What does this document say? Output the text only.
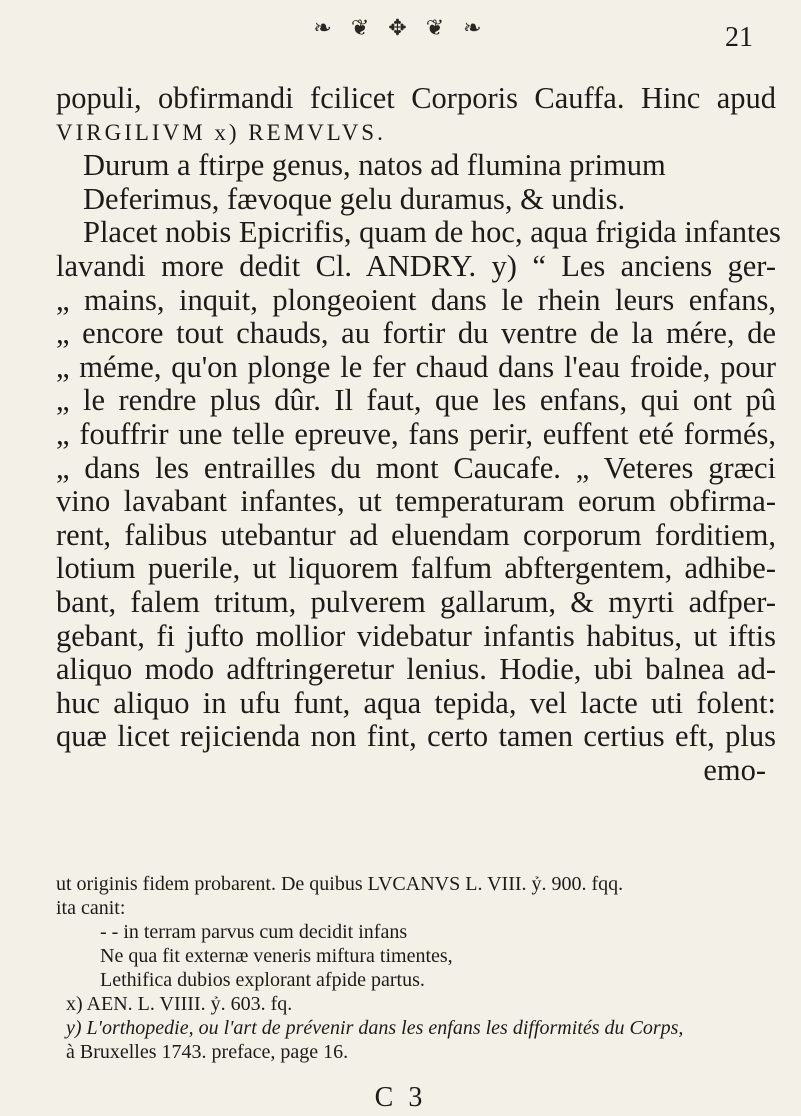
❧ ❦ ✥ ❦ ❧	21
populi, obfirmandi fcilicet Corporis Cauffa. Hinc apud
VIRGILIVM x) REMVLVS.
Durum a ftirpe genus, natos ad flumina primum
Deferimus, fævoque gelu duramus, & undis.
Placet nobis Epicrifis, quam de hoc, aqua frigida infantes
lavandi more dedit Cl. ANDRY. y) “ Les anciens ger-
„ mains, inquit, plongeoient dans le rhein leurs enfans,
„ encore tout chauds, au fortir du ventre de la mére, de
„ méme, qu'on plonge le fer chaud dans l'eau froide, pour
„ le rendre plus dûr. Il faut, que les enfans, qui ont pû
„ fouffrir une telle epreuve, fans perir, euffent eté formés,
„ dans les entrailles du mont Caucafe. „ Veteres græci
vino lavabant infantes, ut temperaturam eorum obfirma-
rent, falibus utebantur ad eluendam corporum forditiem,
lotium puerile, ut liquorem falfum abftergentem, adhibe-
bant, falem tritum, pulverem gallarum, & myrti adfper-
gebant, fi jufto mollior videbatur infantis habitus, ut iftis
aliquo modo adftringeretur lenius. Hodie, ubi balnea ad-
huc aliquo in ufu funt, aqua tepida, vel lacte uti folent:
quæ licet rejicienda non fint, certo tamen certius eft, plus
emo-
ut originis fidem probarent. De quibus LVCANVS L. VIII. ỷ. 900. fqq.
ita canit:
- - in terram parvus cum decidit infans
Ne qua fit externæ veneris miftura timentes,
Lethifica dubios explorant afpide partus.
x) AEN. L. VIIII. ỷ. 603. fq.
y) L'orthopedie, ou l'art de prévenir dans les enfans les difformités du Corps,
à Bruxelles 1743. preface, page 16.
C 3
